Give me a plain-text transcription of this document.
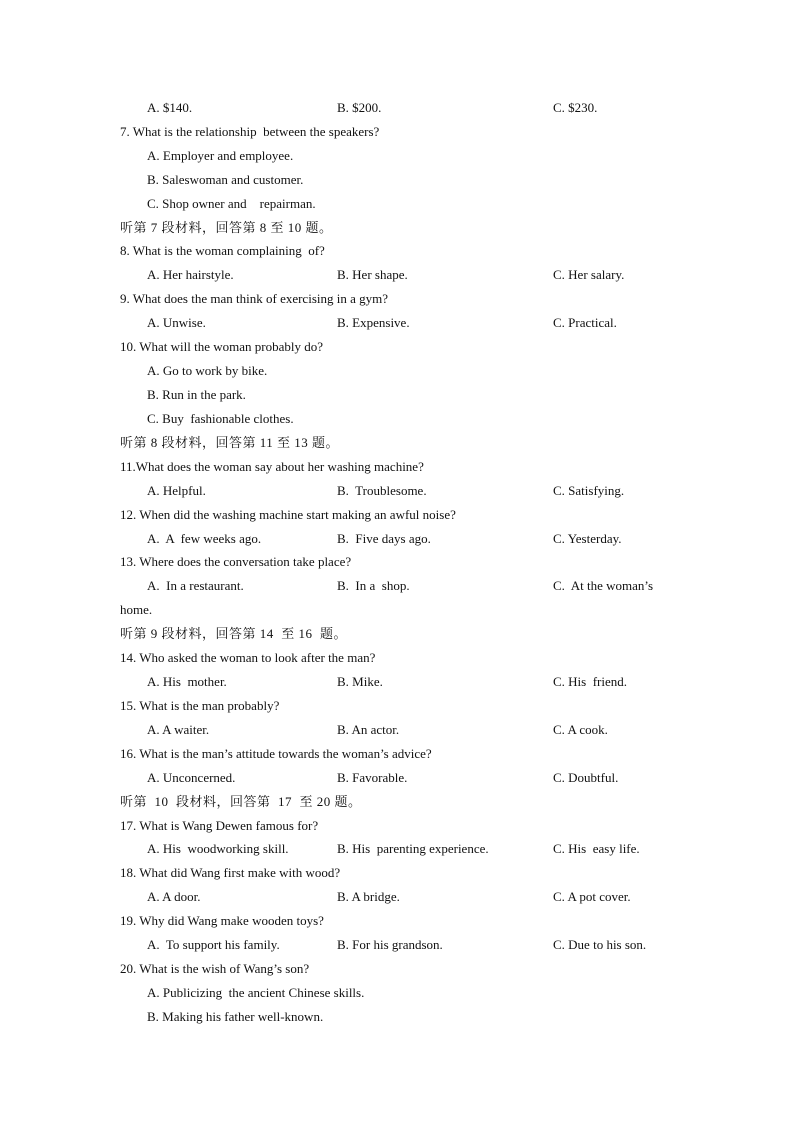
A. $140.	B. $200.	C. $230.
7. What is the relationship  between the speakers?
A. Employer and employee.
B. Saleswoman and customer.
C. Shop owner and    repairman.
听第 7 段材料，回答第 8 至 10 题。
8. What is the woman complaining  of?
A. Her hairstyle.	B. Her shape.	C. Her salary.
9. What does the man think of exercising in a gym?
A. Unwise.	B. Expensive.	C. Practical.
10. What will the woman probably do?
A. Go to work by bike.
B. Run in the park.
C. Buy  fashionable clothes.
听第 8 段材料，回答第 11 至 13 题。
11.What does the woman say about her washing machine?
A. Helpful.	B.  Troublesome.	C. Satisfying.
12. When did the washing machine start making an awful noise?
A.  A  few weeks ago.	B.  Five days ago.	C. Yesterday.
13. Where does the conversation take place?
A.  In a restaurant.	B.  In a  shop.	C.  At the woman’s
home.
听第 9 段材料，回答第 14  至 16  题。
14. Who asked the woman to look after the man?
A. His  mother.	B. Mike.	C. His  friend.
15. What is the man probably?
A. A waiter.	B. An actor.	C. A cook.
16. What is the man’s attitude towards the woman’s advice?
A. Unconcerned.	B. Favorable.	C. Doubtful.
听第  10  段材料，回答第  17  至 20 题。
17. What is Wang Dewen famous for?
A. His  woodworking skill.	B. His  parenting experience.	C. His  easy life.
18. What did Wang first make with wood?
A. A door.	B. A bridge.	C. A pot cover.
19. Why did Wang make wooden toys?
A.  To support his family.	B. For his grandson.	C. Due to his son.
20. What is the wish of Wang’s son?
A. Publicizing  the ancient Chinese skills.
B. Making his father well-known.
